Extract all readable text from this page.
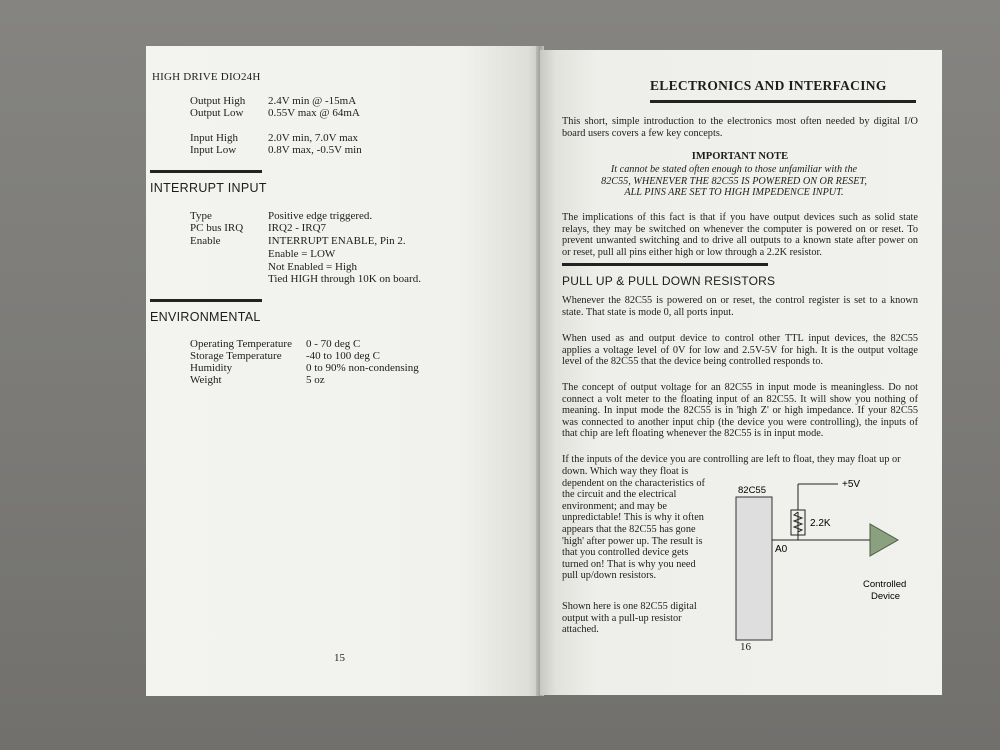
HIGH DRIVE DIO24H
Output High 2.4V min @ -15mA
Output Low 0.55V max @ 64mA
Input High	2.0V min, 7.0V max
Input Low	0.8V max, -0.5V min
INTERRUPT INPUT
Type	Positive edge triggered.
PC bus IRQ IRQ2 - IRQ7
Enable	INTERRUPT ENABLE, Pin 2.
Enable = LOW
Not Enabled = High
Tied HIGH through 10K on board.
ENVIRONMENTAL
Operating Temperature 0 - 70 deg C
Storage Temperature -40 to 100 deg C
Humidity	0 to 90% non-condensing
Weight	5 oz
15
ELECTRONICS AND INTERFACING
This short, simple introduction to the electronics most often needed by digital I/O board users covers a few key concepts.
IMPORTANT NOTE
It cannot be stated often enough to those unfamiliar with the
82C55, WHENEVER THE 82C55 IS POWERED ON OR RESET,
ALL PINS ARE SET TO HIGH IMPEDENCE INPUT.
The implications of this fact is that if you have output devices such as solid state relays, they may be switched on whenever the computer is powered on or reset. To prevent unwanted switching and to drive all outputs to a known state after power on or reset, pull all pins either high or low through a 2.2K resistor.
PULL UP & PULL DOWN RESISTORS
Whenever the 82C55 is powered on or reset, the control register is set to a known state. That state is mode 0, all ports input.
When used as and output device to control other TTL input devices, the 82C55 applies a voltage level of 0V for low and 2.5V-5V for high. It is the output voltage level of the 82C55 that the device being controlled responds to.
The concept of output voltage for an 82C55 in input mode is meaningless. Do not connect a volt meter to the floating input of an 82C55. It will show you nothing of meaning. In input mode the 82C55 is in 'high Z' or high impedance. If your 82C55 was connected to another input chip (the device you were controlling), the inputs of that chip are left floating whenever the 82C55 is in input mode.
If the inputs of the device you are controlling are left to float, they may float up or
down. Which way they float is dependent on the characteristics of the circuit and the electrical environment; and may be unpredictable! This is why it often appears that the 82C55 has gone 'high' after power up. The result is that you controlled device gets turned on! That is why you need pull up/down resistors.
Shown here is one 82C55 digital output with a pull-up resistor attached.
82C55
A0
+5V
2.2K
Controlled
Device
16
